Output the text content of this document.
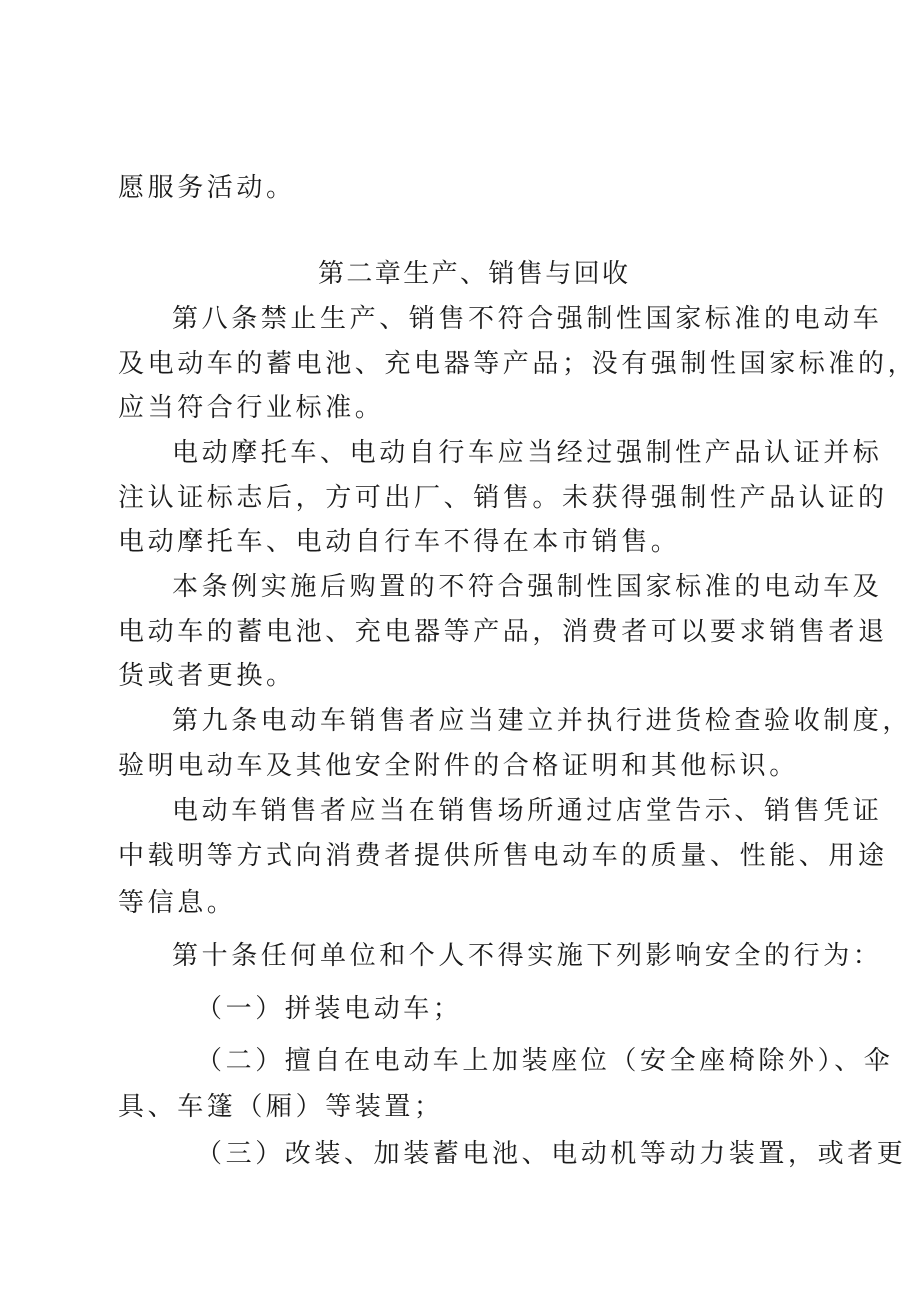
愿服务活动。
第二章生产、销售与回收
第八条禁止生产、销售不符合强制性国家标准的电动车
及电动车的蓄电池、充电器等产品；没有强制性国家标准的，
应当符合行业标准。
电动摩托车、电动自行车应当经过强制性产品认证并标
注认证标志后，方可出厂、销售。未获得强制性产品认证的
电动摩托车、电动自行车不得在本市销售。
本条例实施后购置的不符合强制性国家标准的电动车及
电动车的蓄电池、充电器等产品，消费者可以要求销售者退
货或者更换。
第九条电动车销售者应当建立并执行进货检查验收制度，
验明电动车及其他安全附件的合格证明和其他标识。
电动车销售者应当在销售场所通过店堂告示、销售凭证
中载明等方式向消费者提供所售电动车的质量、性能、用途
等信息。
第十条任何单位和个人不得实施下列影响安全的行为：
（一）拼装电动车；
（二）擅自在电动车上加装座位（安全座椅除外）、伞
具、车篷（厢）等装置；
（三）改装、加装蓄电池、电动机等动力装置，或者更
